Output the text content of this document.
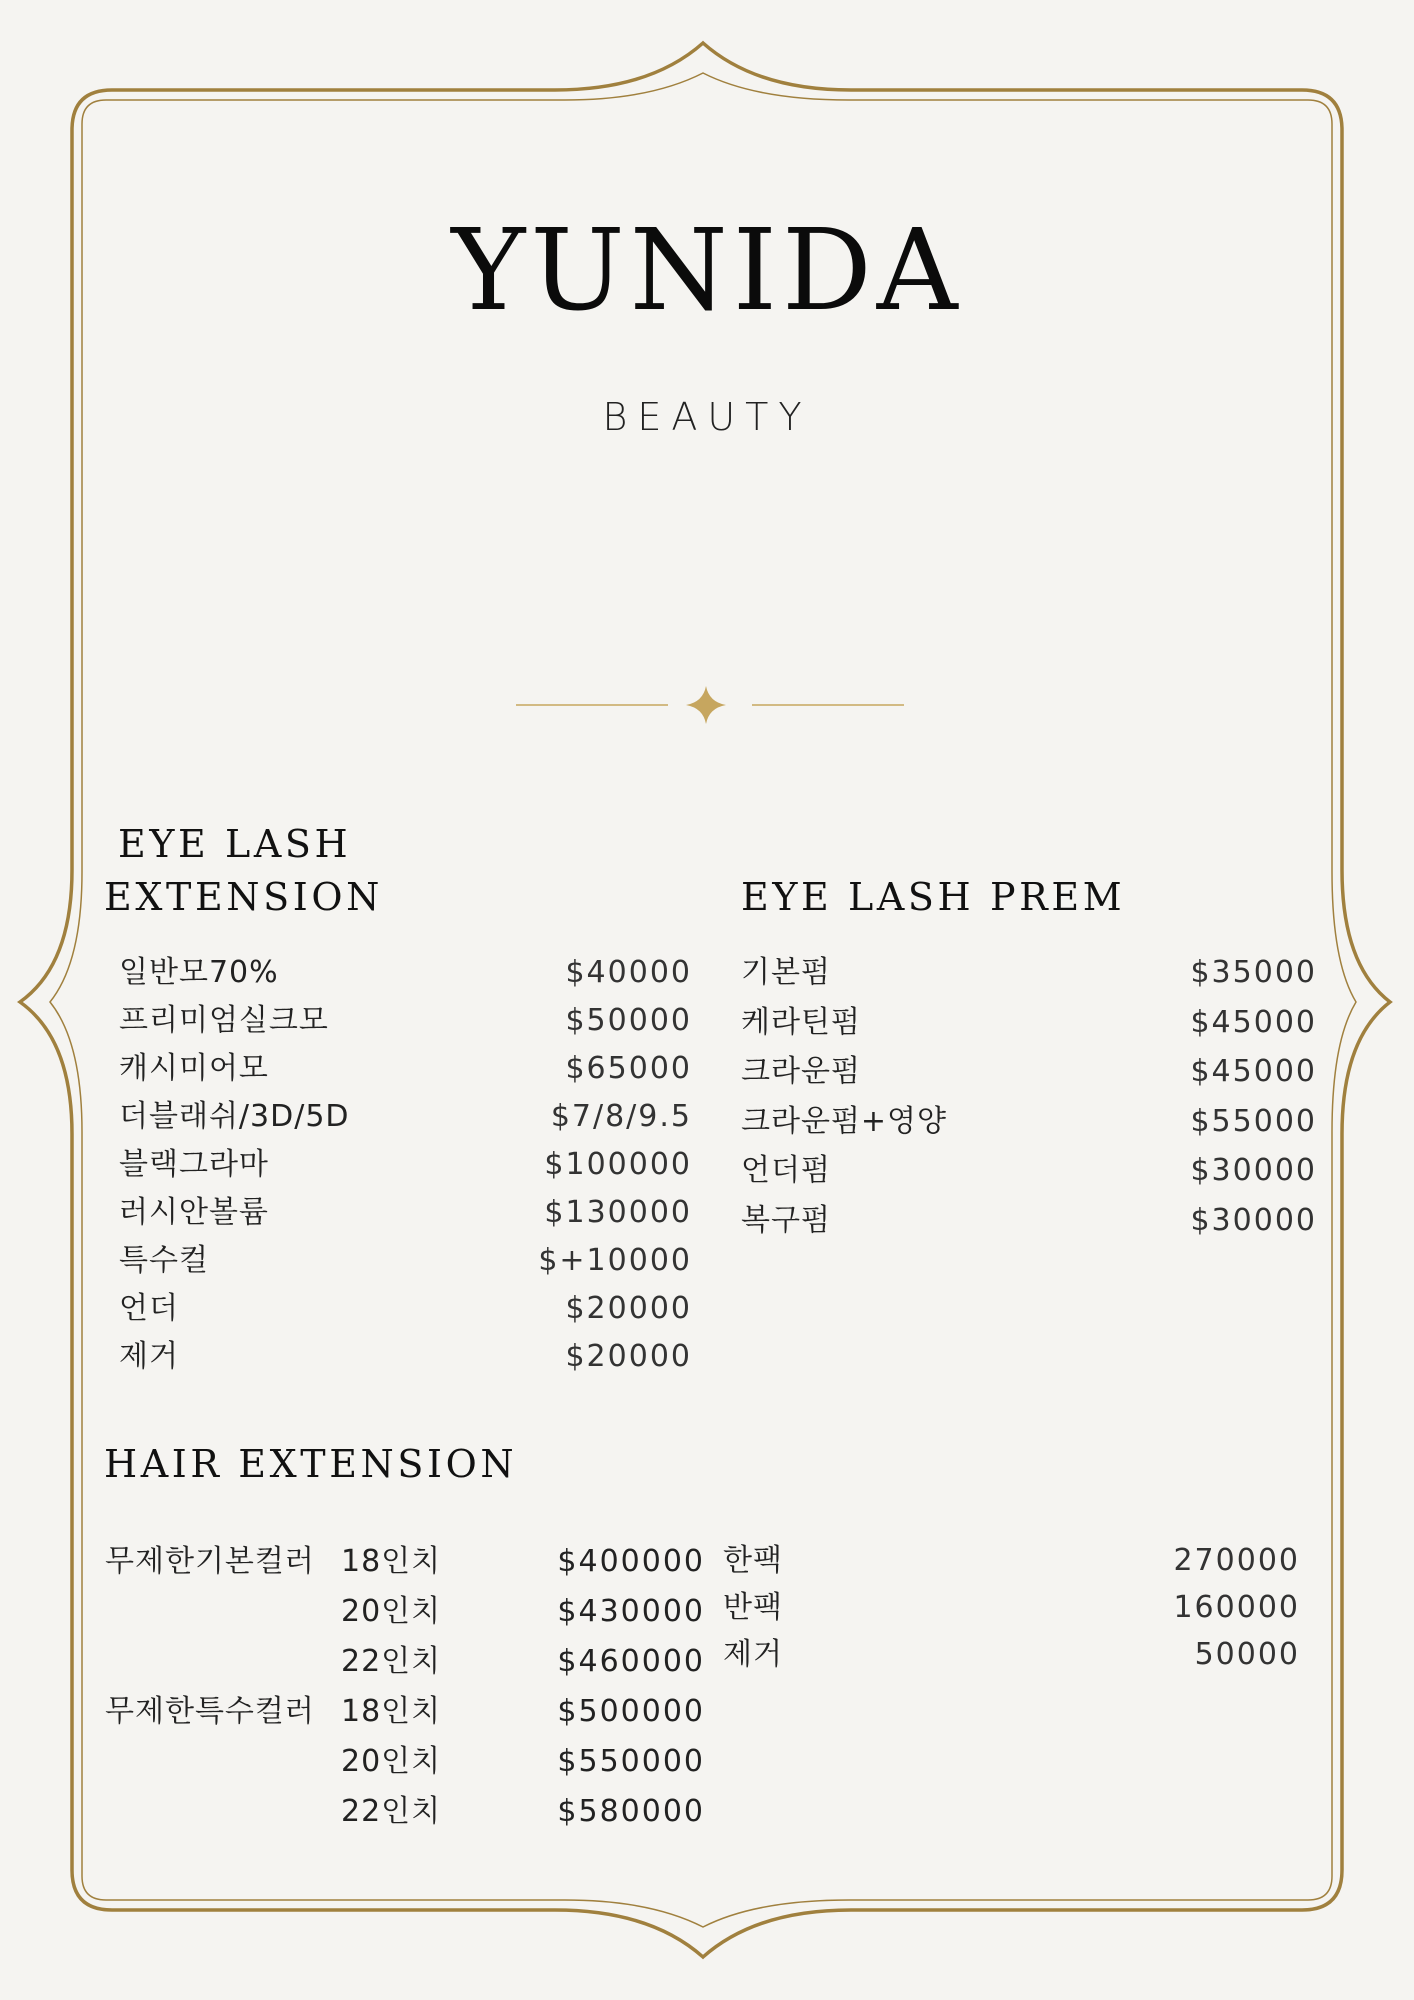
YUNIDA
BEAUTY
EYE LASH
EXTENSION
일반모70%	$40000
프리미엄실크모	$50000
캐시미어모	$65000
더블래쉬/3D/5D	$7/8/9.5
블랙그라마	$100000
러시안볼륨	$130000
특수컬	$+10000
언더	$20000
제거	$20000
EYE LASH PREM
기본펌	$35000
케라틴펌	$45000
크라운펌	$45000
크라운펌+영양	$55000
언더펌	$30000
복구펌	$30000
HAIR EXTENSION
무제한기본컬러 18인치	$400000
20인치	$430000
22인치	$460000
무제한특수컬러 18인치	$500000
20인치	$550000
22인치	$580000
한팩	270000
반팩	160000
제거	50000
